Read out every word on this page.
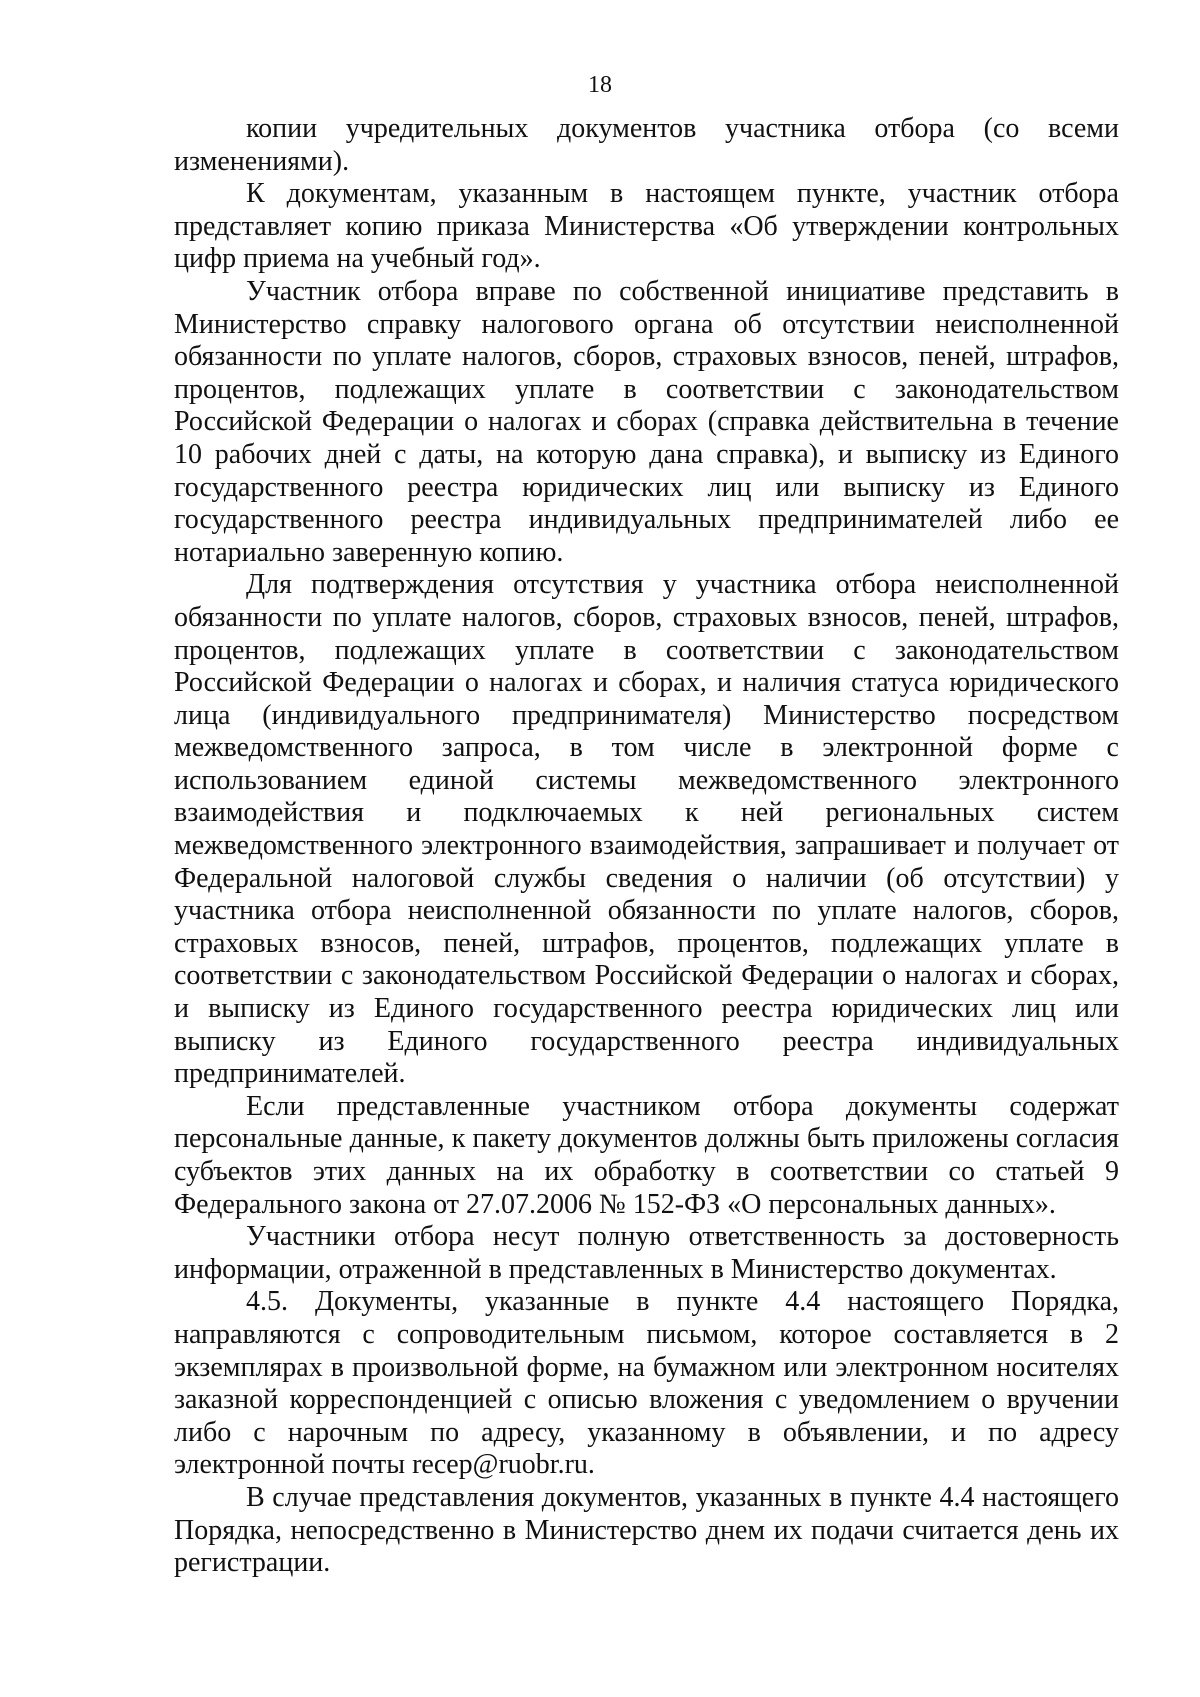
18

копии учредительных документов участника отбора (со всеми изменениями).

К документам, указанным в настоящем пункте, участник отбора представляет копию приказа Министерства «Об утверждении контрольных цифр приема на учебный год».

Участник отбора вправе по собственной инициативе представить в Министерство справку налогового органа об отсутствии неисполненной обязанности по уплате налогов, сборов, страховых взносов, пеней, штрафов, процентов, подлежащих уплате в соответствии с законодательством Российской Федерации о налогах и сборах (справка действительна в течение 10 рабочих дней с даты, на которую дана справка), и выписку из Единого государственного реестра юридических лиц или выписку из Единого государственного реестра индивидуальных предпринимателей либо ее нотариально заверенную копию.

Для подтверждения отсутствия у участника отбора неисполненной обязанности по уплате налогов, сборов, страховых взносов, пеней, штрафов, процентов, подлежащих уплате в соответствии с законодательством Российской Федерации о налогах и сборах, и наличия статуса юридического лица (индивидуального предпринимателя) Министерство посредством межведомственного запроса, в том числе в электронной форме с использованием единой системы межведомственного электронного взаимодействия и подключаемых к ней региональных систем межведомственного электронного взаимодействия, запрашивает и получает от Федеральной налоговой службы сведения о наличии (об отсутствии) у участника отбора неисполненной обязанности по уплате налогов, сборов, страховых взносов, пеней, штрафов, процентов, подлежащих уплате в соответствии с законодательством Российской Федерации о налогах и сборах, и выписку из Единого государственного реестра юридических лиц или выписку из Единого государственного реестра индивидуальных предпринимателей.

Если представленные участником отбора документы содержат персональные данные, к пакету документов должны быть приложены согласия субъектов этих данных на их обработку в соответствии со статьей 9 Федерального закона от 27.07.2006 № 152-ФЗ «О персональных данных».

Участники отбора несут полную ответственность за достоверность информации, отраженной в представленных в Министерство документах.

4.5. Документы, указанные в пункте 4.4 настоящего Порядка, направляются с сопроводительным письмом, которое составляется в 2 экземплярах в произвольной форме, на бумажном или электронном носителях заказной корреспонденцией с описью вложения с уведомлением о вручении либо с нарочным по адресу, указанному в объявлении, и по адресу электронной почты recep@ruobr.ru.

В случае представления документов, указанных в пункте 4.4 настоящего Порядка, непосредственно в Министерство днем их подачи считается день их регистрации.
